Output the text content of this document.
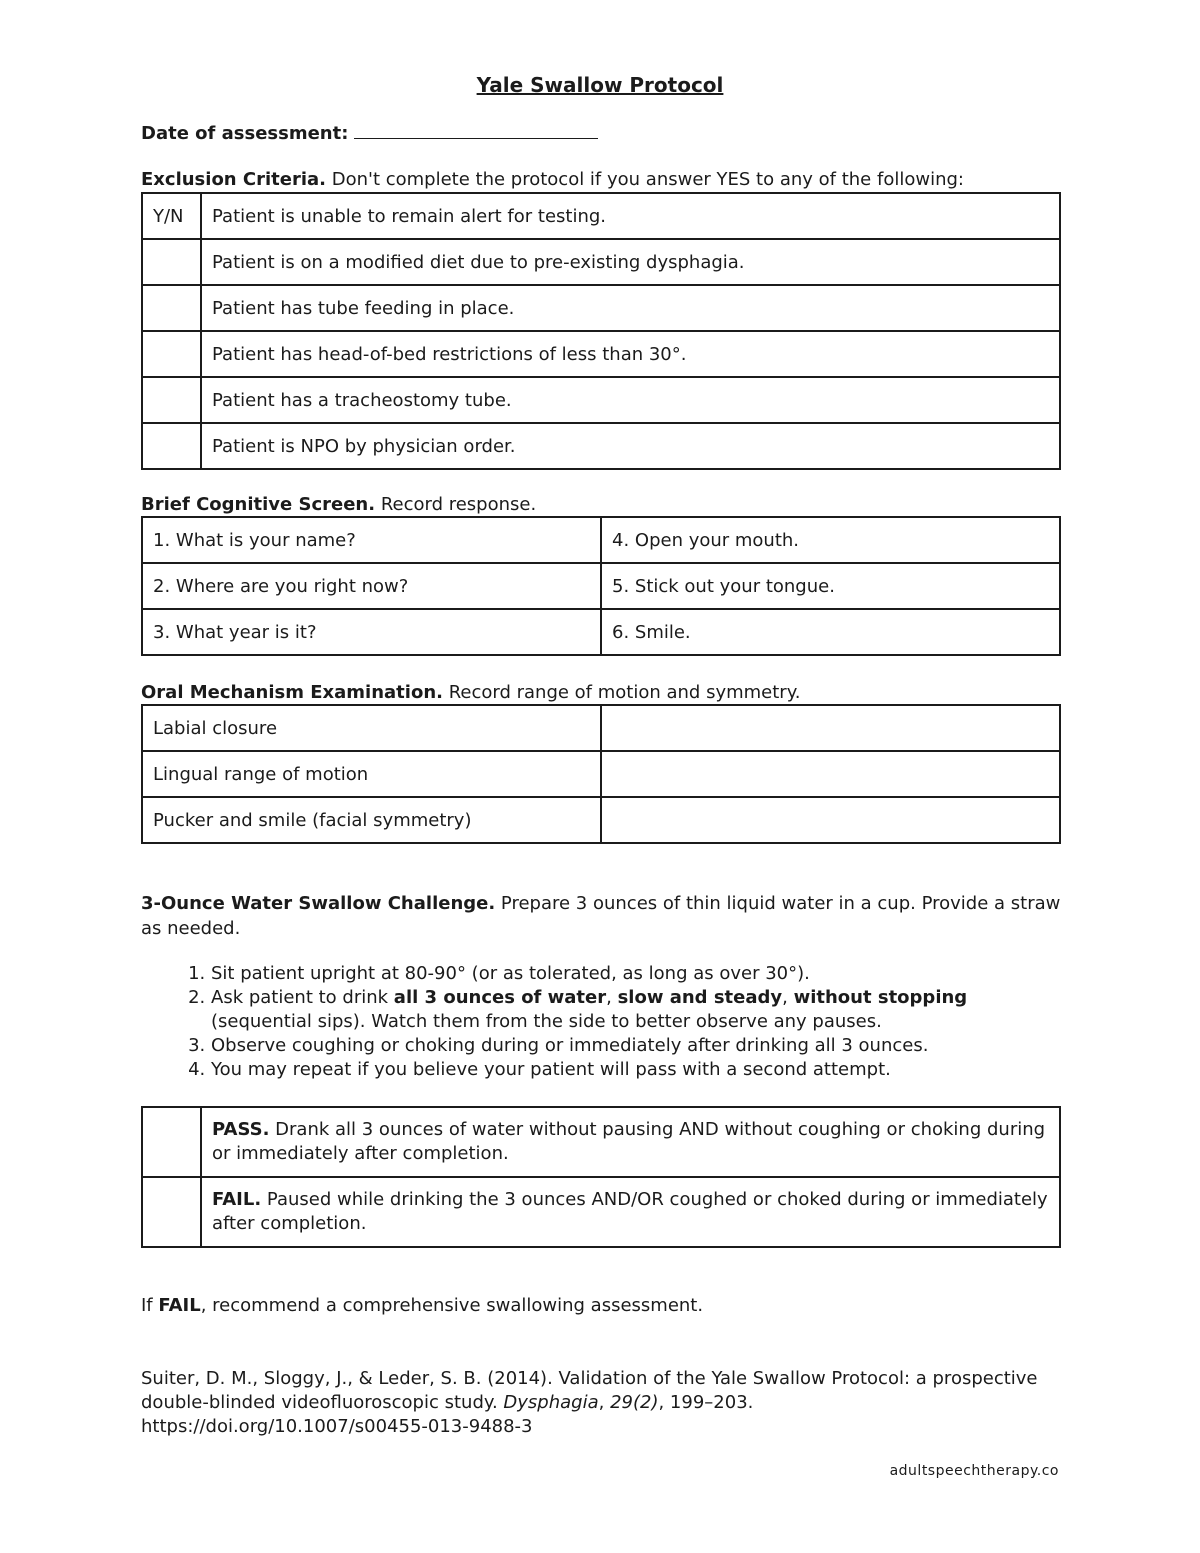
Yale Swallow Protocol
Date of assessment:
Exclusion Criteria. Don't complete the protocol if you answer YES to any of the following:
Y/N	Patient is unable to remain alert for testing.
	Patient is on a modified diet due to pre-existing dysphagia.
	Patient has tube feeding in place.
	Patient has head-of-bed restrictions of less than 30°.
	Patient has a tracheostomy tube.
	Patient is NPO by physician order.
Brief Cognitive Screen. Record response.
1. What is your name?	4. Open your mouth.
2. Where are you right now?	5. Stick out your tongue.
3. What year is it?	6. Smile.
Oral Mechanism Examination. Record range of motion and symmetry.
Labial closure	
Lingual range of motion	
Pucker and smile (facial symmetry)	
3-Ounce Water Swallow Challenge. Prepare 3 ounces of thin liquid water in a cup. Provide a straw as needed.
1. Sit patient upright at 80-90° (or as tolerated, as long as over 30°).
2. Ask patient to drink all 3 ounces of water, slow and steady, without stopping (sequential sips). Watch them from the side to better observe any pauses.
3. Observe coughing or choking during or immediately after drinking all 3 ounces.
4. You may repeat if you believe your patient will pass with a second attempt.
	PASS. Drank all 3 ounces of water without pausing AND without coughing or choking during or immediately after completion.
	FAIL. Paused while drinking the 3 ounces AND/OR coughed or choked during or immediately after completion.
If FAIL, recommend a comprehensive swallowing assessment.
Suiter, D. M., Sloggy, J., & Leder, S. B. (2014). Validation of the Yale Swallow Protocol: a prospective double-blinded videofluoroscopic study. Dysphagia, 29(2), 199–203. https://doi.org/10.1007/s00455-013-9488-3
adultspeechtherapy.co
